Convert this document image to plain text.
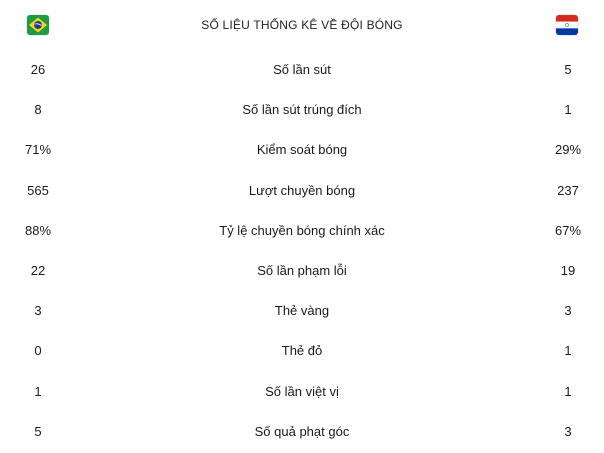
SỐ LIỆU THỐNG KÊ VỀ ĐỘI BÓNG
26	Số lần sút	5
8	Số lần sút trúng đích	1
71%	Kiểm soát bóng	29%
565	Lượt chuyền bóng	237
88%	Tỷ lệ chuyền bóng chính xác	67%
22	Số lần phạm lỗi	19
3	Thẻ vàng	3
0	Thẻ đỏ	1
1	Số lần việt vị	1
5	Số quả phạt góc	3
